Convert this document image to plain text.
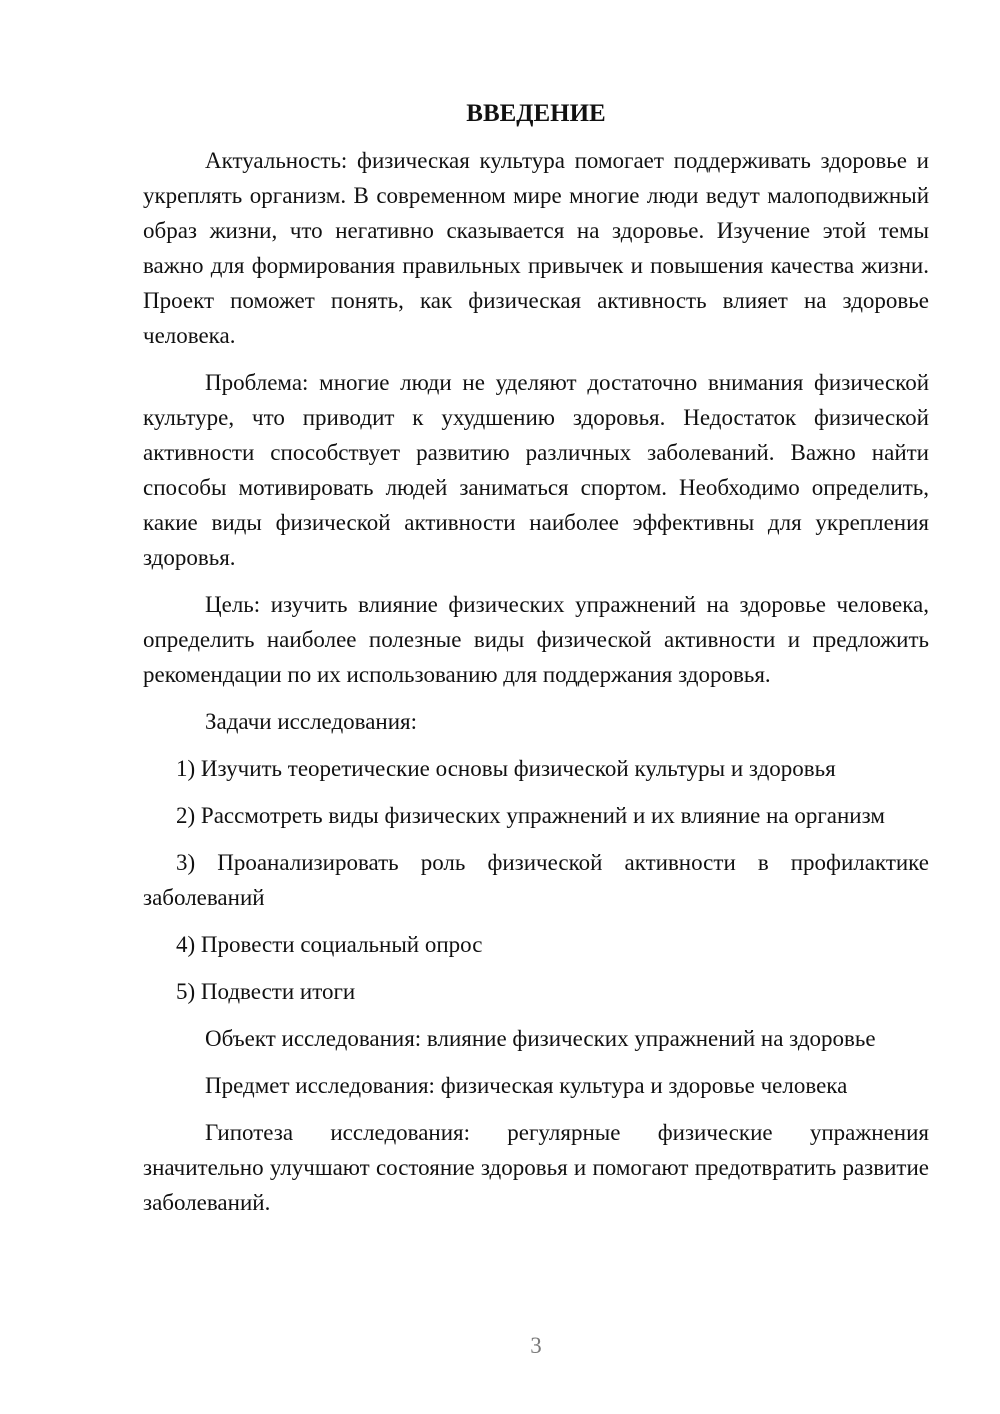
ВВЕДЕНИЕ

Актуальность: физическая культура помогает поддерживать здоровье и укреплять организм. В современном мире многие люди ведут малоподвижный образ жизни, что негативно сказывается на здоровье. Изучение этой темы важно для формирования правильных привычек и повышения качества жизни. Проект поможет понять, как физическая активность влияет на здоровье человека.

Проблема: многие люди не уделяют достаточно внимания физической культуре, что приводит к ухудшению здоровья. Недостаток физической активности способствует развитию различных заболеваний. Важно найти способы мотивировать людей заниматься спортом. Необходимо определить, какие виды физической активности наиболее эффективны для укрепления здоровья.

Цель: изучить влияние физических упражнений на здоровье человека, определить наиболее полезные виды физической активности и предложить рекомендации по их использованию для поддержания здоровья.

Задачи исследования:

1) Изучить теоретические основы физической культуры и здоровья

2) Рассмотреть виды физических упражнений и их влияние на организм

3) Проанализировать роль физической активности в профилактике заболеваний

4) Провести социальный опрос

5) Подвести итоги

Объект исследования: влияние физических упражнений на здоровье

Предмет исследования: физическая культура и здоровье человека

Гипотеза исследования: регулярные физические упражнения значительно улучшают состояние здоровья и помогают предотвратить развитие заболеваний.

3
